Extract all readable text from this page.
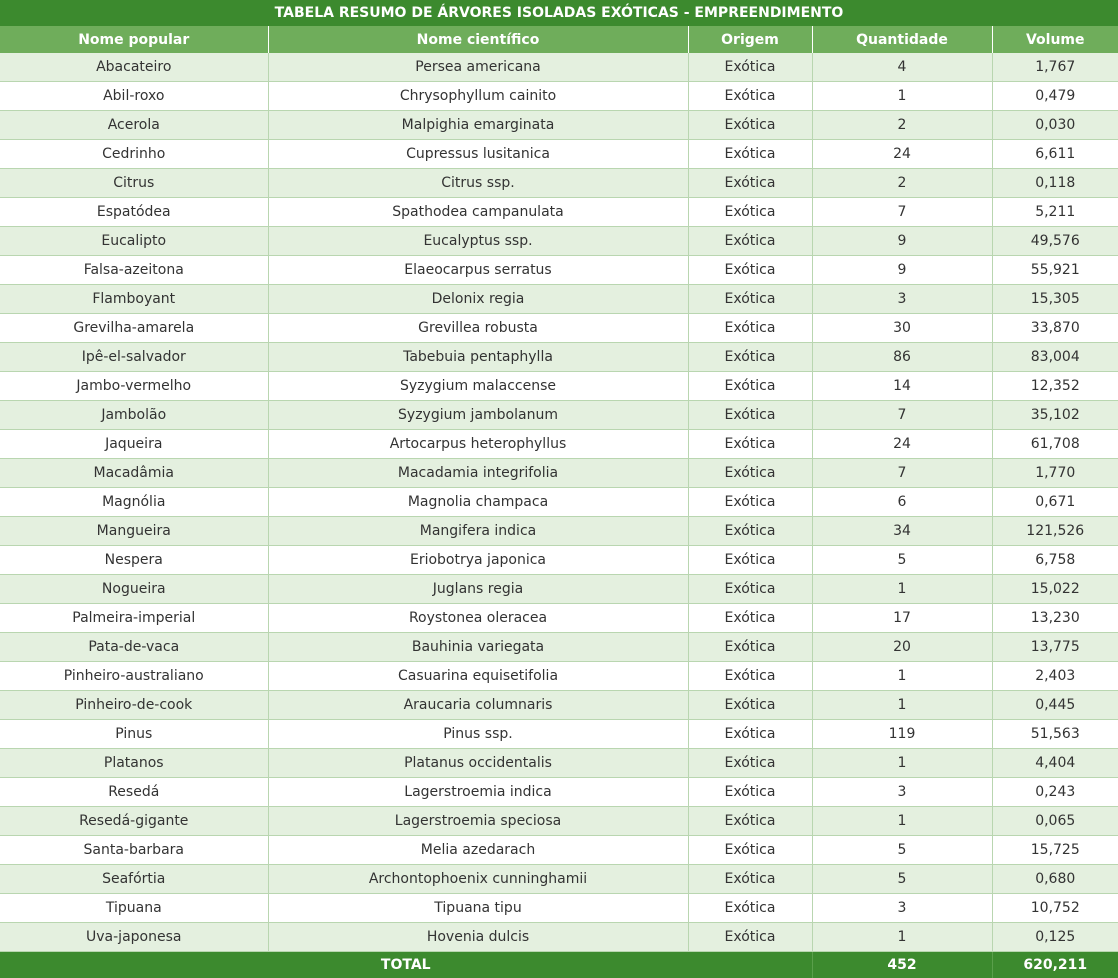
TABELA RESUMO DE ÁRVORES ISOLADAS EXÓTICAS - EMPREENDIMENTO
Nome popular	Nome científico	Origem	Quantidade	Volume
Abacateiro	Persea americana	Exótica	4	1,767
Abil-roxo	Chrysophyllum cainito	Exótica	1	0,479
Acerola	Malpighia emarginata	Exótica	2	0,030
Cedrinho	Cupressus lusitanica	Exótica	24	6,611
Citrus	Citrus ssp.	Exótica	2	0,118
Espatódea	Spathodea campanulata	Exótica	7	5,211
Eucalipto	Eucalyptus ssp.	Exótica	9	49,576
Falsa-azeitona	Elaeocarpus serratus	Exótica	9	55,921
Flamboyant	Delonix regia	Exótica	3	15,305
Grevilha-amarela	Grevillea robusta	Exótica	30	33,870
Ipê-el-salvador	Tabebuia pentaphylla	Exótica	86	83,004
Jambo-vermelho	Syzygium malaccense	Exótica	14	12,352
Jambolão	Syzygium jambolanum	Exótica	7	35,102
Jaqueira	Artocarpus heterophyllus	Exótica	24	61,708
Macadâmia	Macadamia integrifolia	Exótica	7	1,770
Magnólia	Magnolia champaca	Exótica	6	0,671
Mangueira	Mangifera indica	Exótica	34	121,526
Nespera	Eriobotrya japonica	Exótica	5	6,758
Nogueira	Juglans regia	Exótica	1	15,022
Palmeira-imperial	Roystonea oleracea	Exótica	17	13,230
Pata-de-vaca	Bauhinia variegata	Exótica	20	13,775
Pinheiro-australiano	Casuarina equisetifolia	Exótica	1	2,403
Pinheiro-de-cook	Araucaria columnaris	Exótica	1	0,445
Pinus	Pinus ssp.	Exótica	119	51,563
Platanos	Platanus occidentalis	Exótica	1	4,404
Resedá	Lagerstroemia indica	Exótica	3	0,243
Resedá-gigante	Lagerstroemia speciosa	Exótica	1	0,065
Santa-barbara	Melia azedarach	Exótica	5	15,725
Seafórtia	Archontophoenix cunninghamii	Exótica	5	0,680
Tipuana	Tipuana tipu	Exótica	3	10,752
Uva-japonesa	Hovenia dulcis	Exótica	1	0,125
TOTAL			452	620,211
